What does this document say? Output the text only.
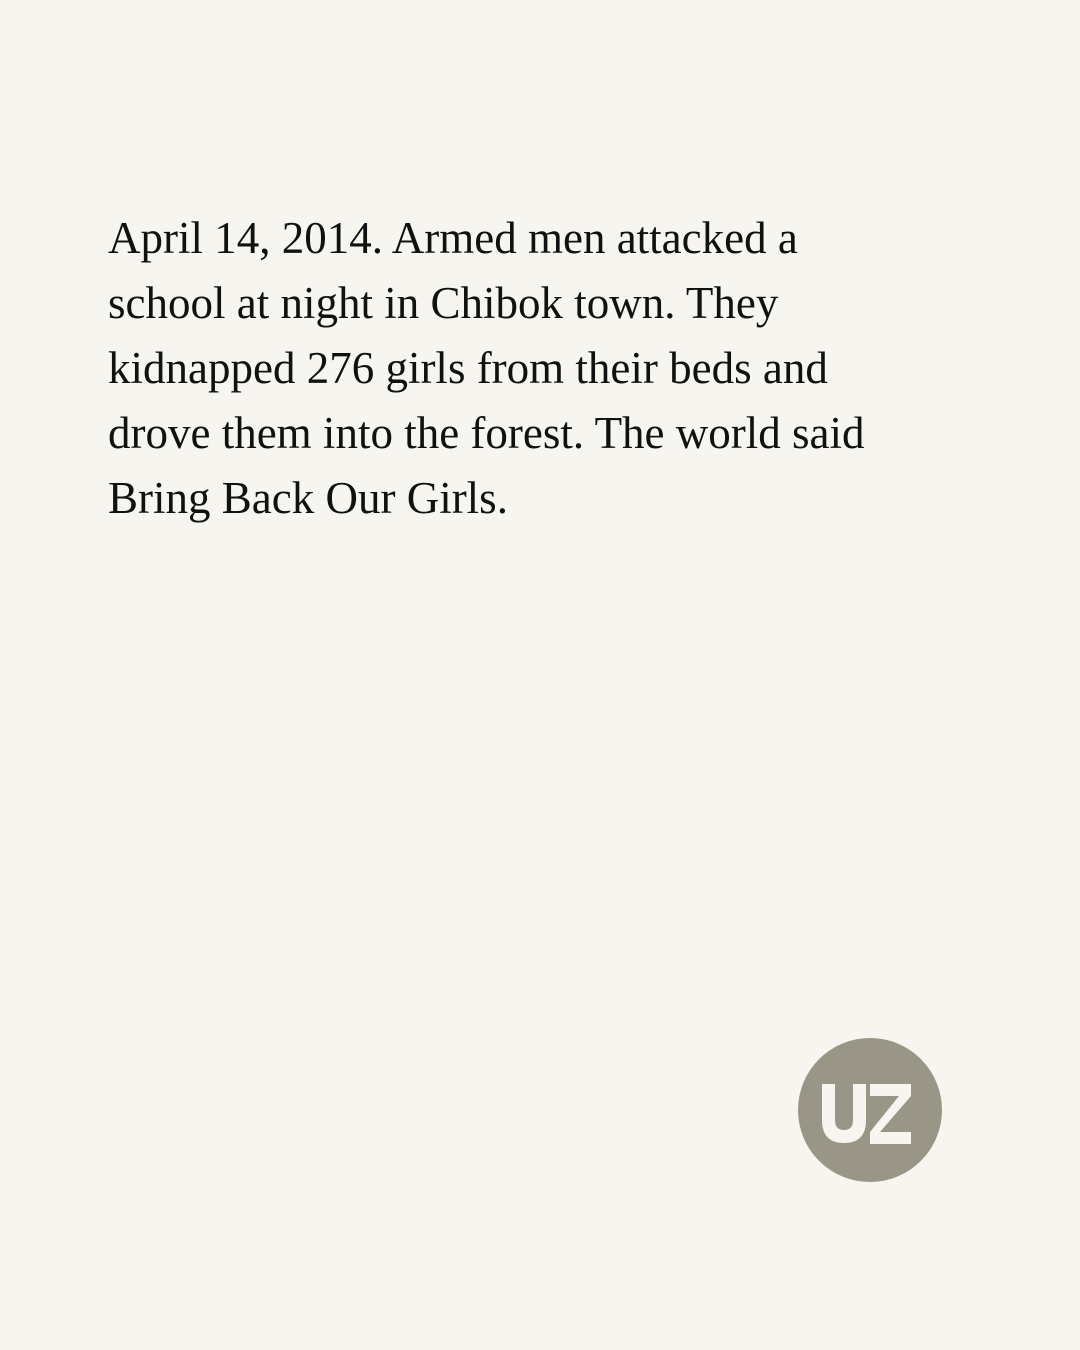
April 14, 2014. Armed men attacked a
school at night in Chibok town. They
kidnapped 276 girls from their beds and
drove them into the forest. The world said
Bring Back Our Girls.
